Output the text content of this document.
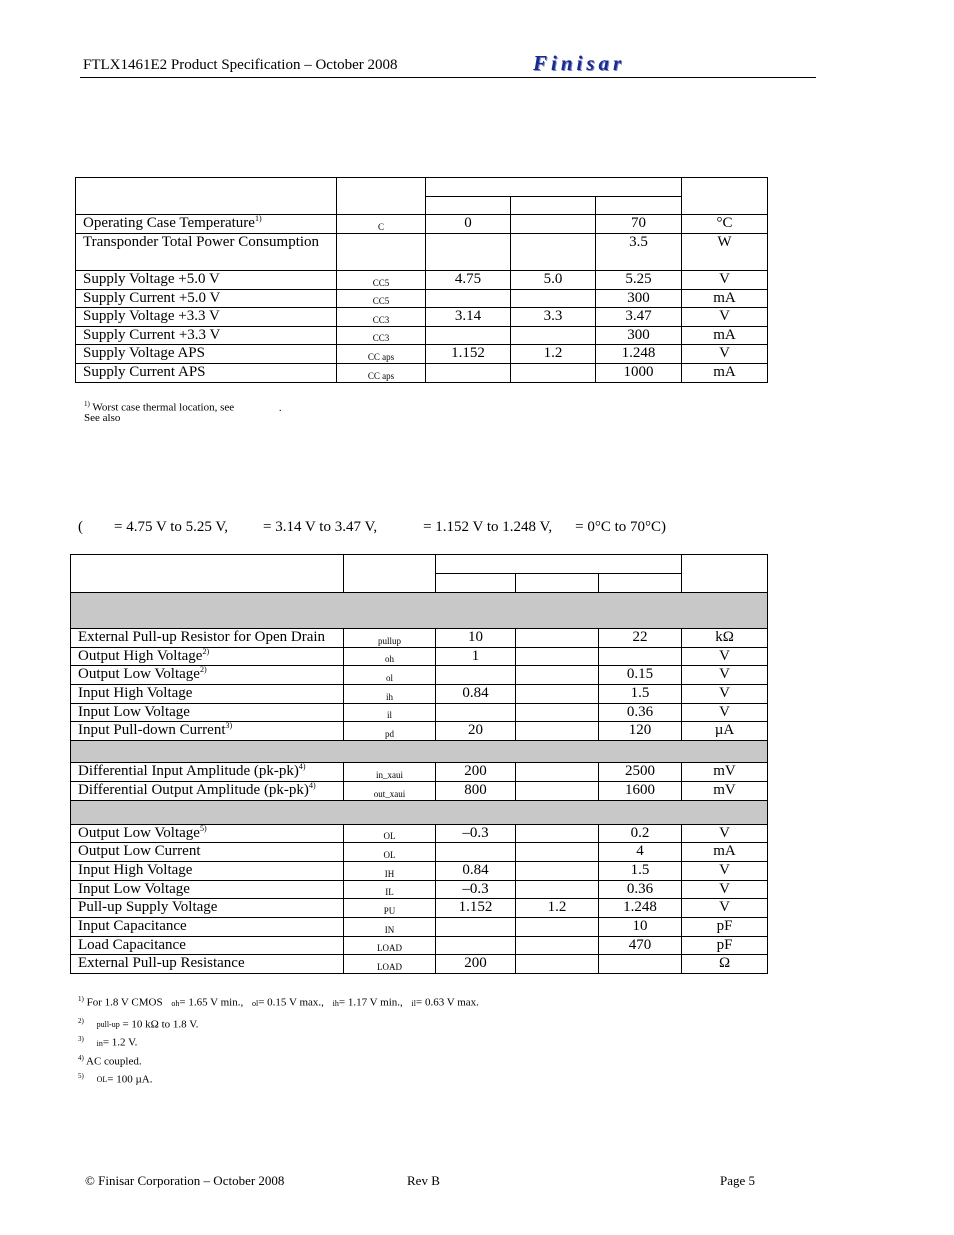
FTLX1461E2 Product Specification – October 2008	Finisar

Operating Case Temperature$^{1)}$	C	0		70	°C
Transponder Total Power Consumption				3.5	W
Supply Voltage +5.0 V	CC5	4.75	5.0	5.25	V
Supply Current +5.0 V	CC5			300	mA
Supply Voltage +3.3 V	CC3	3.14	3.3	3.47	V
Supply Current +3.3 V	CC3			300	mA
Supply Voltage APS	CC aps	1.152	1.2	1.248	V
Supply Current APS	CC aps			1000	mA
$^{1)}$ Worst case thermal location, see	.
See also
( = 4.75 V to 5.25 V, = 3.14 V to 3.47 V,	= 1.152 V to 1.248 V, = 0°C to 70°C)

External Pull-up Resistor for Open Drain	pullup	10		22	kΩ
Output High Voltage$^{2)}$	oh	1			V
Output Low Voltage$^{2)}$	ol			0.15	V
Input High Voltage	ih	0.84		1.5	V
Input Low Voltage	il			0.36	V
Input Pull-down Current$^{3)}$	pd	20		120	µA

Differential Input Amplitude (pk-pk)$^{4)}$	in_xaui	200		2500	mV
Differential Output Amplitude (pk-pk)$^{4)}$	out_xaui	800		1600	mV

Output Low Voltage$^{5)}$	OL	–0.3		0.2	V
Output Low Current	OL			4	mA
Input High Voltage	IH	0.84		1.5	V
Input Low Voltage	IL	–0.3		0.36	V
Pull-up Supply Voltage	PU	1.152	1.2	1.248	V
Input Capacitance	IN			10	pF
Load Capacitance	LOAD			470	pF
External Pull-up Resistance	LOAD	200			Ω
$^{1)}$ For 1.8 V CMOS oh= 1.65 V min., ol= 0.15 V max., ih= 1.17 V min., il= 0.63 V max.
$^{2)}$ pull-up = 10 kΩ to 1.8 V.
$^{3)}$ in= 1.2 V.
$^{4)}$ AC coupled.
$^{5)}$ OL= 100 µA.
© Finisar Corporation – October 2008	Rev B	Page 5
